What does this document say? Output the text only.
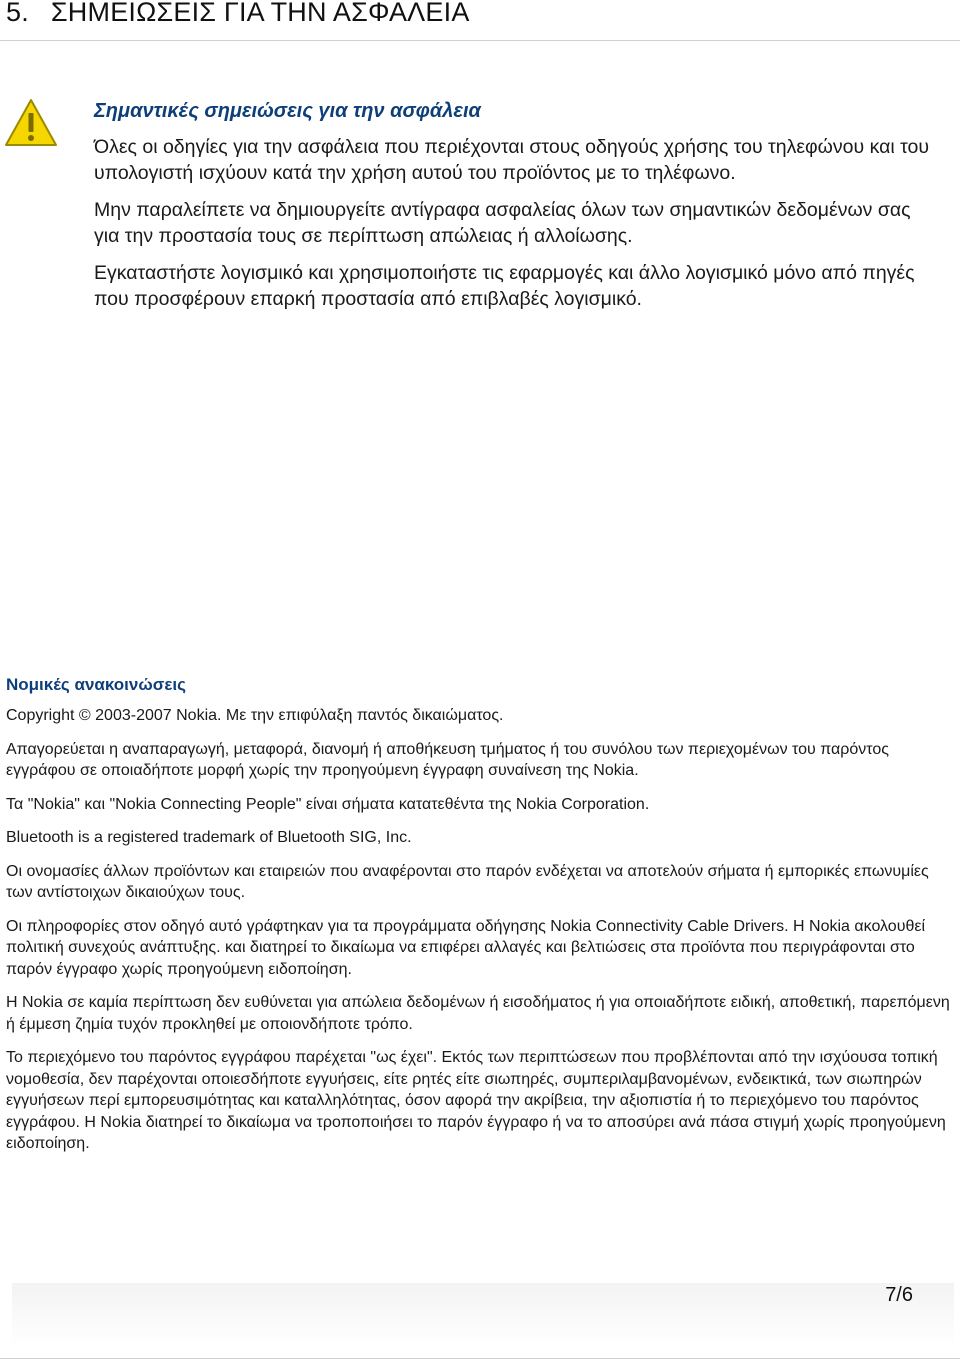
5. ΣΗΜΕΙΩΣΕΙΣ ΓΙΑ ΤΗΝ ΑΣΦΑΛΕΙΑ
Σημαντικές σημειώσεις για την ασφάλεια

Όλες οι οδηγίες για την ασφάλεια που περιέχονται στους οδηγούς χρήσης του τηλεφώνου και του υπολογιστή ισχύουν κατά την χρήση αυτού του προϊόντος με το τηλέφωνο.

Μην παραλείπετε να δημιουργείτε αντίγραφα ασφαλείας όλων των σημαντικών δεδομένων σας για την προστασία τους σε περίπτωση απώλειας ή αλλοίωσης.

Εγκαταστήστε λογισμικό και χρησιμοποιήστε τις εφαρμογές και άλλο λογισμικό μόνο από πηγές που προσφέρουν επαρκή προστασία από επιβλαβές λογισμικό.

Νομικές ανακοινώσεις

Copyright © 2003-2007 Nokia. Με την επιφύλαξη παντός δικαιώματος.

Απαγορεύεται η αναπαραγωγή, μεταφορά, διανομή ή αποθήκευση τμήματος ή του συνόλου των περιεχομένων του παρόντος εγγράφου σε οποιαδήποτε μορφή χωρίς την προηγούμενη έγγραφη συναίνεση της Nokia.

Τα "Nokia" και "Nokia Connecting People" είναι σήματα κατατεθέντα της Nokia Corporation.

Bluetooth is a registered trademark of Bluetooth SIG, Inc.

Οι ονομασίες άλλων προϊόντων και εταιρειών που αναφέρονται στο παρόν ενδέχεται να αποτελούν σήματα ή εμπορικές επωνυμίες των αντίστοιχων δικαιούχων τους.

Οι πληροφορίες στον οδηγό αυτό γράφτηκαν για τα προγράμματα οδήγησης Nokia Connectivity Cable Drivers. Η Nokia ακολουθεί πολιτική συνεχούς ανάπτυξης. και διατηρεί το δικαίωμα να επιφέρει αλλαγές και βελτιώσεις στα προϊόντα που περιγράφονται στο παρόν έγγραφο χωρίς προηγούμενη ειδοποίηση.

Η Nokia σε καμία περίπτωση δεν ευθύνεται για απώλεια δεδομένων ή εισοδήματος ή για οποιαδήποτε ειδική, αποθετική, παρεπόμενη ή έμμεση ζημία τυχόν προκληθεί με οποιονδήποτε τρόπο.

Το περιεχόμενο του παρόντος εγγράφου παρέχεται "ως έχει". Εκτός των περιπτώσεων που προβλέπονται από την ισχύουσα τοπική νομοθεσία, δεν παρέχονται οποιεσδήποτε εγγυήσεις, είτε ρητές είτε σιωπηρές, συμπεριλαμβανομένων, ενδεικτικά, των σιωπηρών εγγυήσεων περί εμπορευσιμότητας και καταλληλότητας, όσον αφορά την ακρίβεια, την αξιοπιστία ή το περιεχόμενο του παρόντος εγγράφου. Η Nokia διατηρεί το δικαίωμα να τροποποιήσει το παρόν έγγραφο ή να το αποσύρει ανά πάσα στιγμή χωρίς προηγούμενη ειδοποίηση.

7/6
